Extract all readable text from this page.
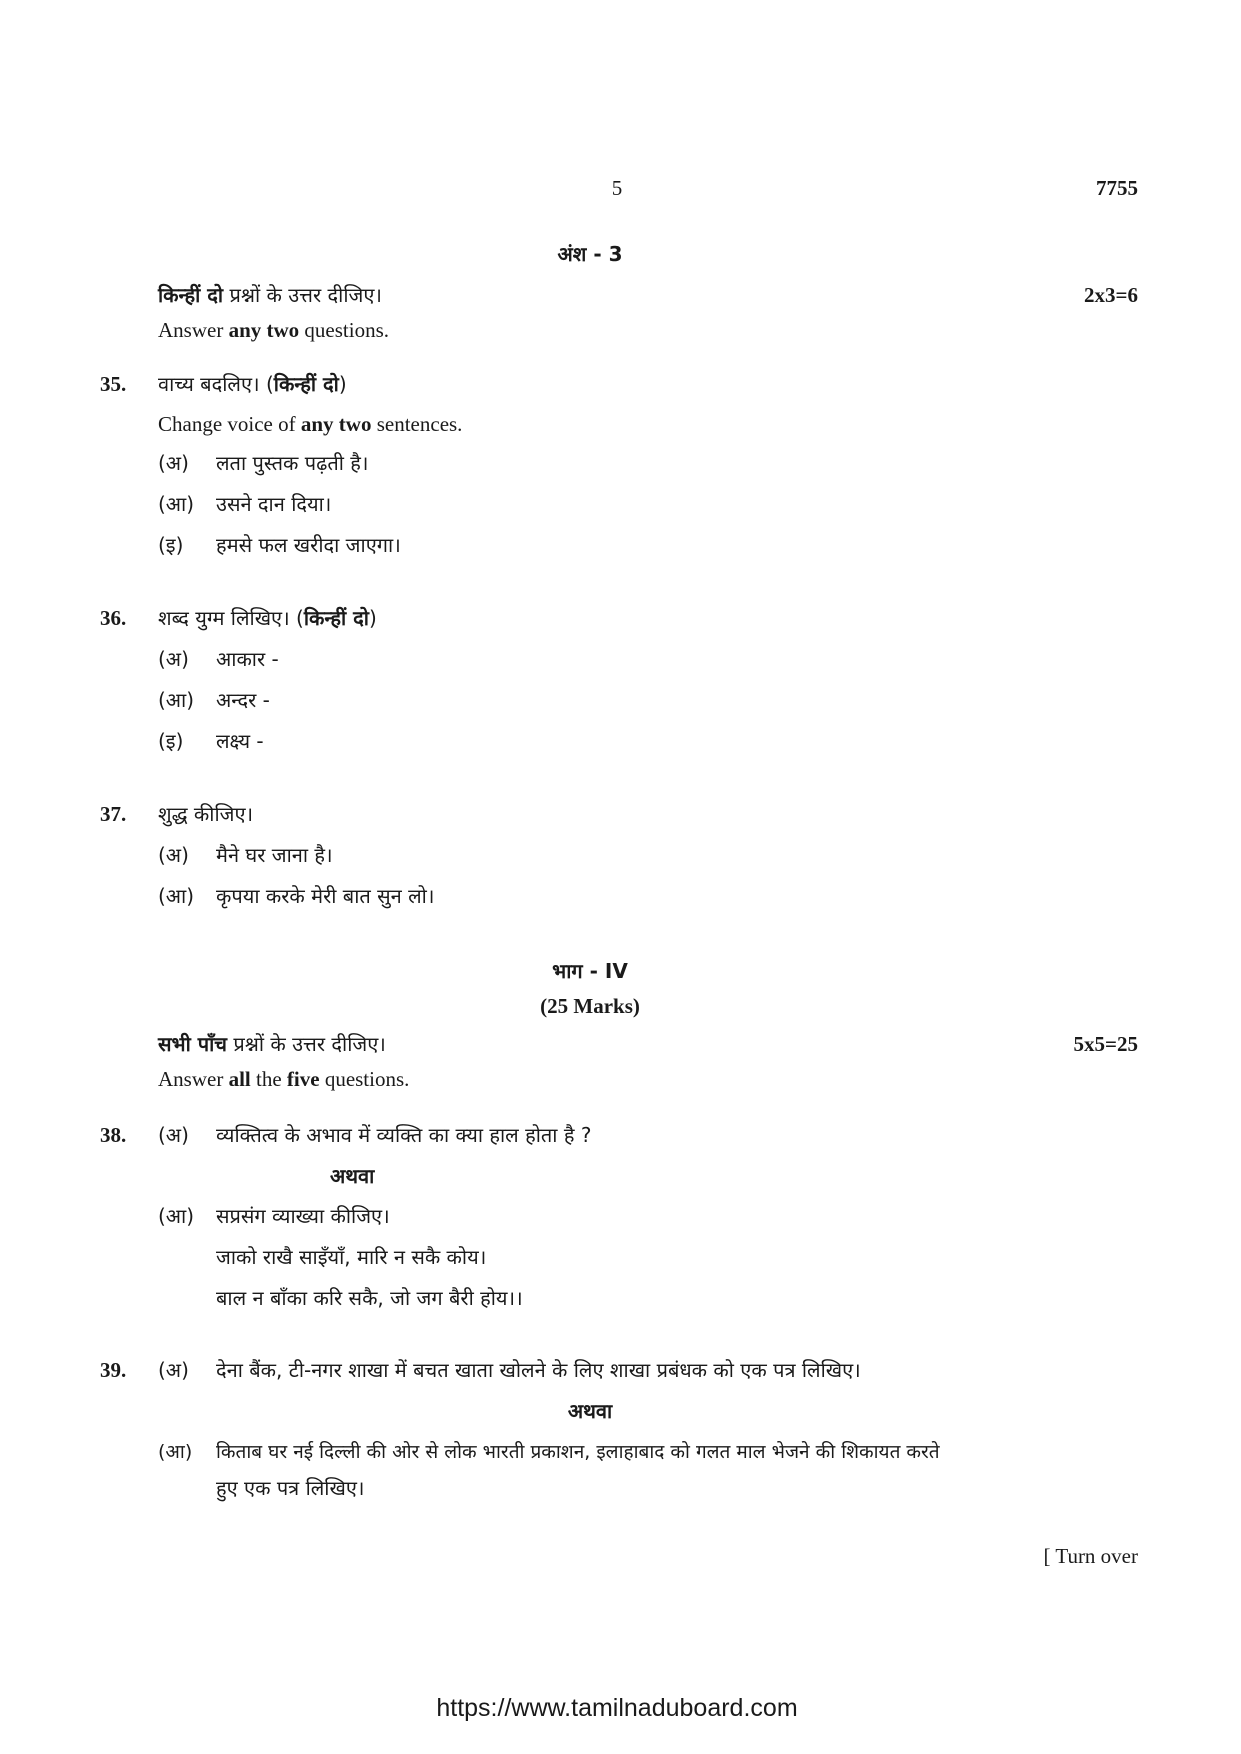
5	7755
अंश - 3
किन्हीं दो प्रश्नों के उत्तर दीजिए।	2x3=6
Answer any two questions.
35. वाच्य बदलिए। (किन्हीं दो)
Change voice of any two sentences.
(अ) लता पुस्तक पढ़ती है।
(आ) उसने दान दिया।
(इ) हमसे फल खरीदा जाएगा।
36. शब्द युग्म लिखिए। (किन्हीं दो)
(अ) आकार -
(आ) अन्दर -
(इ) लक्ष्य -
37. शुद्ध कीजिए।
(अ) मैने घर जाना है।
(आ) कृपया करके मेरी बात सुन लो।
भाग - IV
(25 Marks)
सभी पाँच प्रश्नों के उत्तर दीजिए।	5x5=25
Answer all the five questions.
38. (अ) व्यक्तित्व के अभाव में व्यक्ति का क्या हाल होता है ?
अथवा
(आ) सप्रसंग व्याख्या कीजिए।
जाको राखै साइँयाँ, मारि न सकै कोय।
बाल न बाँका करि सकै, जो जग बैरी होय।।
39. (अ) देना बैंक, टी-नगर शाखा में बचत खाता खोलने के लिए शाखा प्रबंधक को एक पत्र लिखिए।
अथवा
(आ) किताब घर नई दिल्ली की ओर से लोक भारती प्रकाशन, इलाहाबाद को गलत माल भेजने की शिकायत करते
हुए एक पत्र लिखिए।
[ Turn over
https://www.tamilnaduboard.com
